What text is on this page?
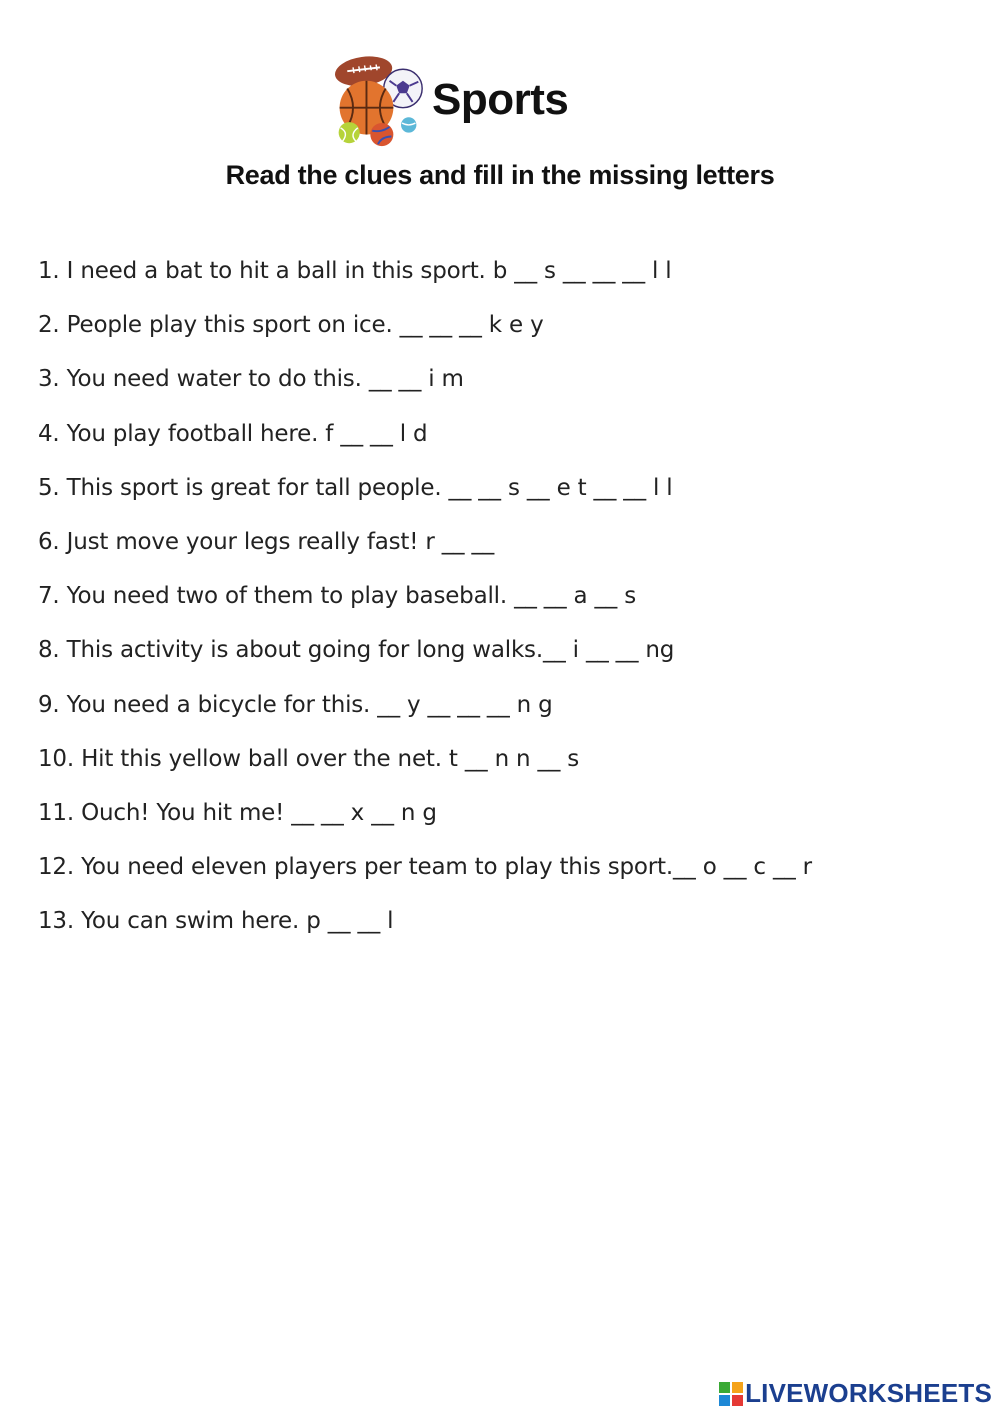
Sports
Read the clues and fill in the missing letters
1. I need a bat to hit a ball in this sport. b __ s __ __ __ l l
2. People play this sport on ice. __ __ __ k e y
3. You need water to do this. __ __ i m
4. You play football here. f __ __ l d
5. This sport is great for tall people. __ __ s __ e t __ __ l l
6. Just move your legs really fast! r __ __
7. You need two of them to play baseball. __ __ a __ s
8. This activity is about going for long walks.__ i __ __ ng
9. You need a bicycle for this. __ y __ __ __ n g
10. Hit this yellow ball over the net. t __ n n __ s
11. Ouch! You hit me! __ __ x __ n g
12. You need eleven players per team to play this sport.__ o __ c __ r
13. You can swim here. p __ __ l
LIVEWORKSHEETS
